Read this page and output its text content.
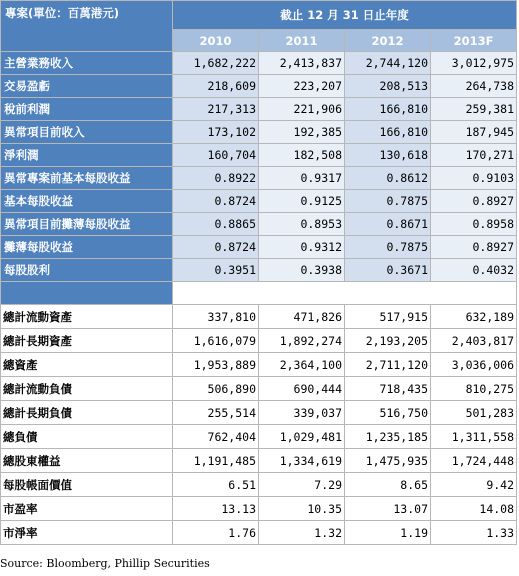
專案(單位：百萬港元)	截止 12 月 31 日止年度			
	2010	2011	2012	2013F
主營業務收入	1,682,222	2,413,837	2,744,120	3,012,975
交易盈虧	218,609	223,207	208,513	264,738
稅前利潤	217,313	221,906	166,810	259,381
異常項目前收入	173,102	192,385	166,810	187,945
淨利潤	160,704	182,508	130,618	170,271
異常專案前基本每股收益	0.8922	0.9317	0.8612	0.9103
基本每股收益	0.8724	0.9125	0.7875	0.8927
異常項目前攤薄每股收益	0.8865	0.8953	0.8671	0.8958
攤薄每股收益	0.8724	0.9312	0.7875	0.8927
每股股利	0.3951	0.3938	0.3671	0.4032

總計流動資產	337,810	471,826	517,915	632,189
總計長期資產	1,616,079	1,892,274	2,193,205	2,403,817
總資產	1,953,889	2,364,100	2,711,120	3,036,006
總計流動負債	506,890	690,444	718,435	810,275
總計長期負債	255,514	339,037	516,750	501,283
總負債	762,404	1,029,481	1,235,185	1,311,558
總股東權益	1,191,485	1,334,619	1,475,935	1,724,448
每股帳面價值	6.51	7.29	8.65	9.42
市盈率	13.13	10.35	13.07	14.08
市淨率	1.76	1.32	1.19	1.33
Source: Bloomberg, Phillip Securities
